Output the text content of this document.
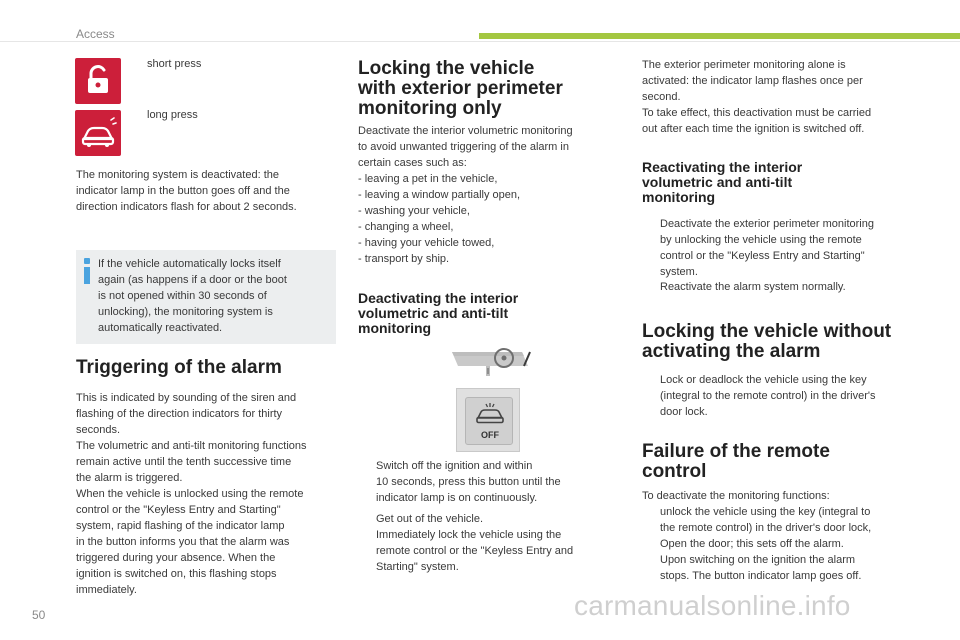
Access
short press
long press
The monitoring system is deactivated: the
indicator lamp in the button goes off and the
direction indicators flash for about 2 seconds.
If the vehicle automatically locks itself
again (as happens if a door or the boot
is not opened within 30 seconds of
unlocking), the monitoring system is
automatically reactivated.
Triggering of the alarm
This is indicated by sounding of the siren and
flashing of the direction indicators for thirty
seconds.
The volumetric and anti-tilt monitoring functions
remain active until the tenth successive time
the alarm is triggered.
When the vehicle is unlocked using the remote
control or the "Keyless Entry and Starting"
system, rapid flashing of the indicator lamp
in the button informs you that the alarm was
triggered during your absence. When the
ignition is switched on, this flashing stops
immediately.
Locking the vehicle
with exterior perimeter
monitoring only
Deactivate the interior volumetric monitoring
to avoid unwanted triggering of the alarm in
certain cases such as:
- leaving a pet in the vehicle,
- leaving a window partially open,
- washing your vehicle,
- changing a wheel,
- having your vehicle towed,
- transport by ship.
Deactivating the interior
volumetric and anti-tilt
monitoring
OFF
Switch off the ignition and within
10 seconds, press this button until the
indicator lamp is on continuously.
Get out of the vehicle.
Immediately lock the vehicle using the
remote control or the "Keyless Entry and
Starting" system.
The exterior perimeter monitoring alone is
activated: the indicator lamp flashes once per
second.
To take effect, this deactivation must be carried
out after each time the ignition is switched off.
Reactivating the interior
volumetric and anti-tilt
monitoring
Deactivate the exterior perimeter monitoring
by unlocking the vehicle using the remote
control or the "Keyless Entry and Starting"
system.
Reactivate the alarm system normally.
Locking the vehicle without
activating the alarm
Lock or deadlock the vehicle using the key
(integral to the remote control) in the driver's
door lock.
Failure of the remote
control
To deactivate the monitoring functions:
unlock the vehicle using the key (integral to
the remote control) in the driver's door lock,
Open the door; this sets off the alarm.
Upon switching on the ignition the alarm
stops. The button indicator lamp goes off.
50	carmanualsonline.info
